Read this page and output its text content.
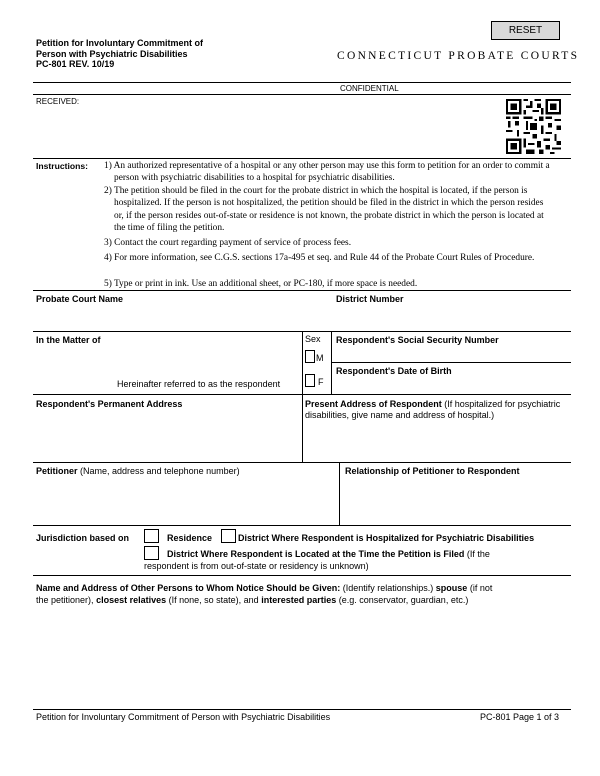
Petition for Involuntary Commitment of
Person with Psychiatric Disabilities
PC-801 REV. 10/19
CONNECTICUT PROBATE COURTS
RESET
CONFIDENTIAL
RECEIVED:
Instructions: 1) An authorized representative of a hospital or any other person may use this form to petition for an order to commit a person with psychiatric disabilities to a hospital for psychiatric disabilities.
2) The petition should be filed in the court for the probate district in which the hospital is located, if the person is hospitalized. If the person is not hospitalized, the petition should be filed in the district in which the person resides or, if the person resides out-of-state or residence is not known, the probate district in which the person is located at the time of filing the petition.
3) Contact the court regarding payment of service of process fees.
4) For more information, see C.G.S. sections 17a-495 et seq. and Rule 44 of the Probate Court Rules of Procedure.
5) Type or print in ink. Use an additional sheet, or PC-180, if more space is needed.
Probate Court Name	District Number
In the Matter of
Hereinafter referred to as the respondent
Sex
M
F
Respondent's Social Security Number
Respondent's Date of Birth
Respondent's Permanent Address	Present Address of Respondent (If hospitalized for psychiatric disabilities, give name and address of hospital.)
Petitioner (Name, address and telephone number)	Relationship of Petitioner to Respondent
Jurisdiction based on	Residence	District Where Respondent is Hospitalized for Psychiatric Disabilities
District Where Respondent is Located at the Time the Petition is Filed (If the
respondent is from out-of-state or residency is unknown)
Name and Address of Other Persons to Whom Notice Should be Given: (Identify relationships.) spouse (if not
the petitioner), closest relatives (If none, so state), and interested parties (e.g. conservator, guardian, etc.)
Petition for Involuntary Commitment of Person with Psychiatric Disabilities	PC-801 Page 1 of 3
